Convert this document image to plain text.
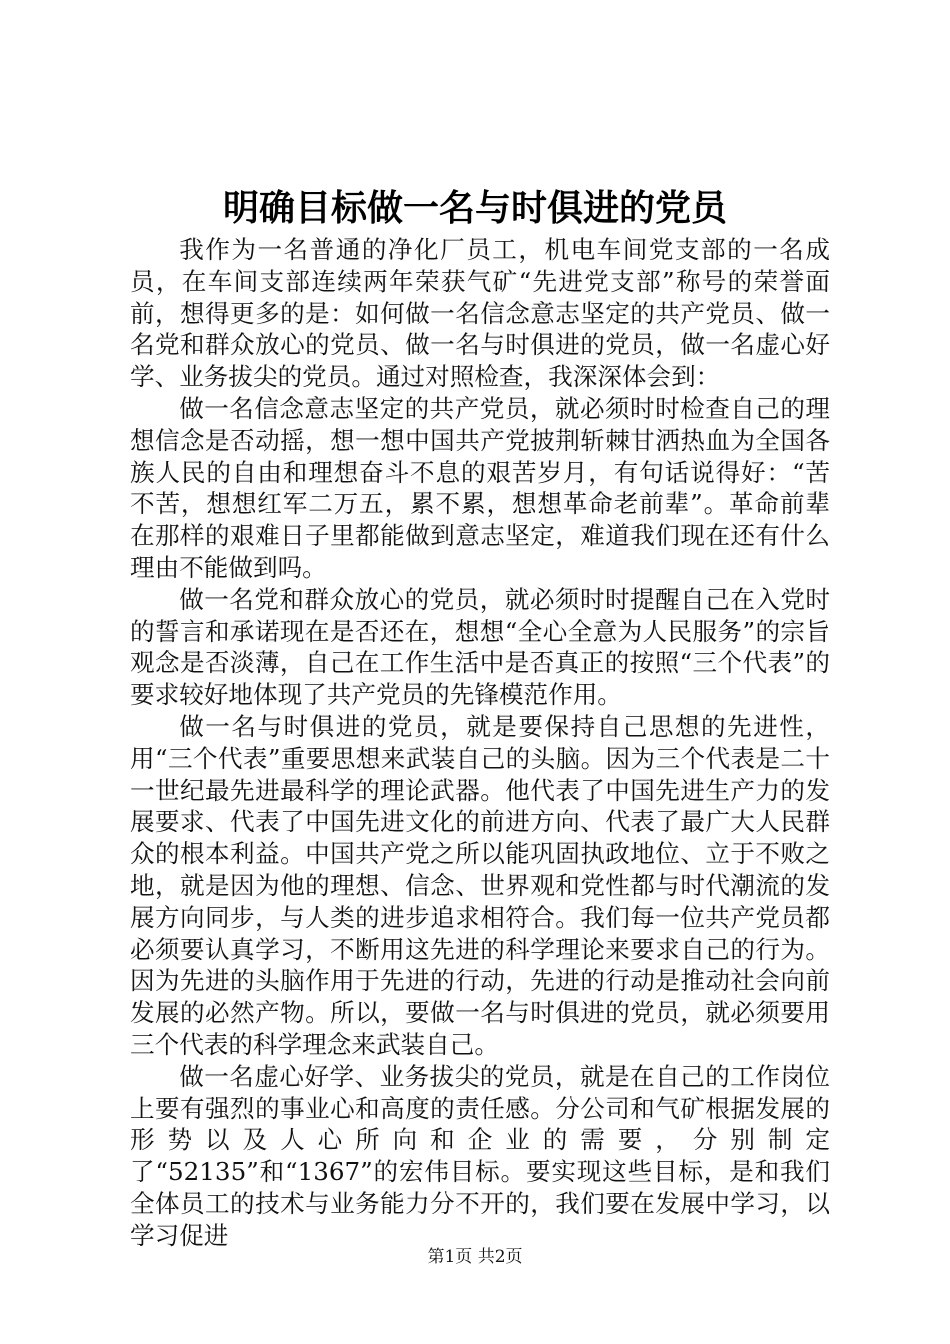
明确目标做一名与时俱进的党员

我作为一名普通的净化厂员工，机电车间党支部的一名成员，在车间支部连续两年荣获气矿“先进党支部”称号的荣誉面前，想得更多的是：如何做一名信念意志坚定的共产党员、做一名党和群众放心的党员、做一名与时俱进的党员，做一名虚心好学、业务拔尖的党员。通过对照检查，我深深体会到：

做一名信念意志坚定的共产党员，就必须时时检查自己的理想信念是否动摇，想一想中国共产党披荆斩棘甘洒热血为全国各族人民的自由和理想奋斗不息的艰苦岁月，有句话说得好：“苦不苦，想想红军二万五，累不累，想想革命老前辈”。革命前辈在那样的艰难日子里都能做到意志坚定，难道我们现在还有什么理由不能做到吗。

做一名党和群众放心的党员，就必须时时提醒自己在入党时的誓言和承诺现在是否还在，想想“全心全意为人民服务”的宗旨观念是否淡薄，自己在工作生活中是否真正的按照“三个代表”的要求较好地体现了共产党员的先锋模范作用。

做一名与时俱进的党员，就是要保持自己思想的先进性，用“三个代表”重要思想来武装自己的头脑。因为三个代表是二十一世纪最先进最科学的理论武器。他代表了中国先进生产力的发展要求、代表了中国先进文化的前进方向、代表了最广大人民群众的根本利益。中国共产党之所以能巩固执政地位、立于不败之地，就是因为他的理想、信念、世界观和党性都与时代潮流的发展方向同步，与人类的进步追求相符合。我们每一位共产党员都必须要认真学习，不断用这先进的科学理论来要求自己的行为。因为先进的头脑作用于先进的行动，先进的行动是推动社会向前发展的必然产物。所以，要做一名与时俱进的党员，就必须要用三个代表的科学理念来武装自己。

做一名虚心好学、业务拔尖的党员，就是在自己的工作岗位上要有强烈的事业心和高度的责任感。分公司和气矿根据发展的形势以及人心所向和企业的需要，分别制定了“52135”和“1367”的宏伟目标。要实现这些目标，是和我们全体员工的技术与业务能力分不开的，我们要在发展中学习，以学习促进

第1页 共2页
